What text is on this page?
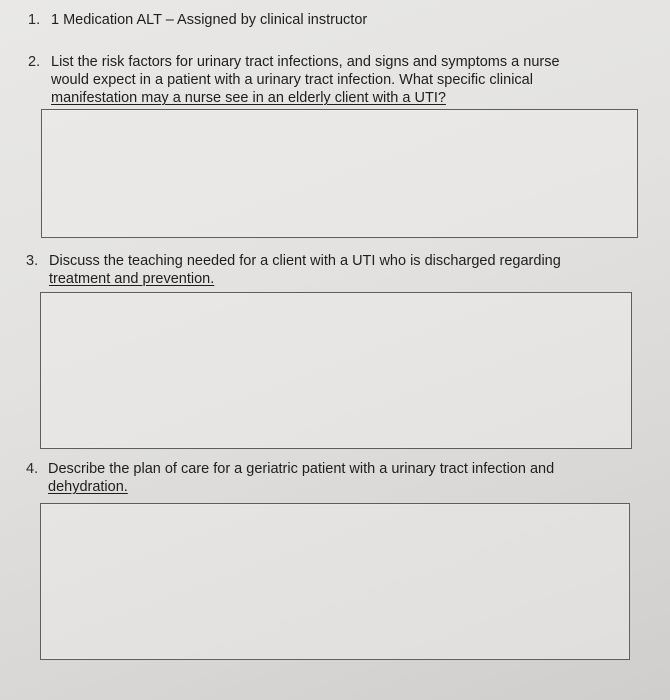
1. 1 Medication ALT – Assigned by clinical instructor
2. List the risk factors for urinary tract infections, and signs and symptoms a nurse
would expect in a patient with a urinary tract infection. What specific clinical
manifestation may a nurse see in an elderly client with a UTI?
3. Discuss the teaching needed for a client with a UTI who is discharged regarding
treatment and prevention.
4. Describe the plan of care for a geriatric patient with a urinary tract infection and
dehydration.
